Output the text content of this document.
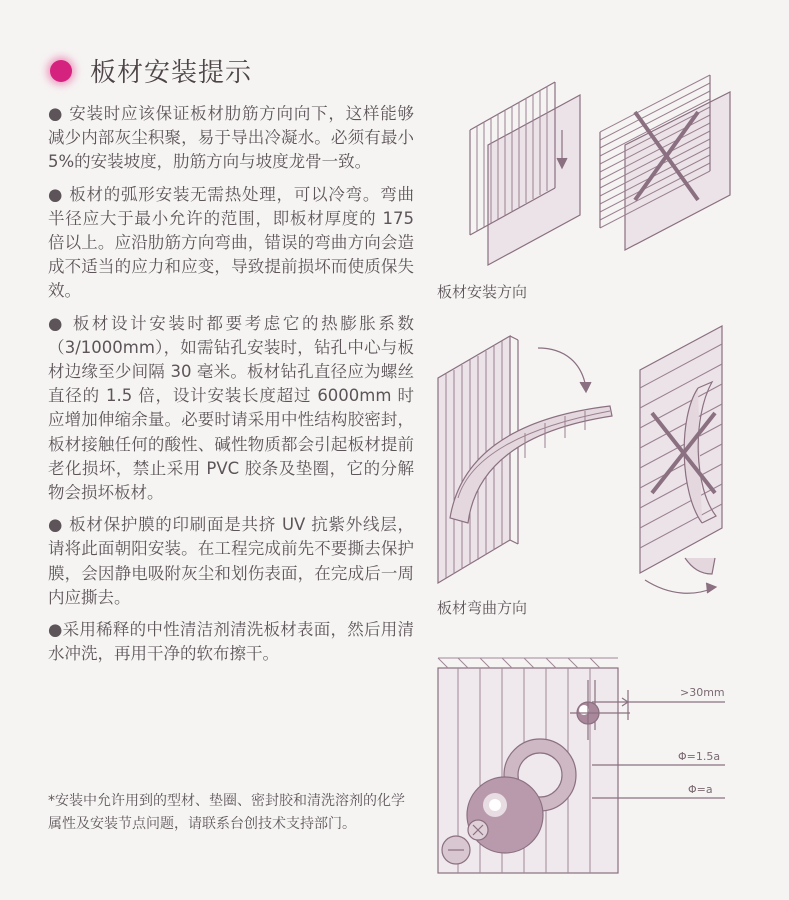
板材安装提示

● 安装时应该保证板材肋筋方向向下，这样能够减少内部灰尘积聚，易于导出冷凝水。必须有最小 5%的安装坡度，肋筋方向与坡度龙骨一致。

● 板材的弧形安装无需热处理，可以冷弯。弯曲半径应大于最小允许的范围，即板材厚度的 175 倍以上。应沿肋筋方向弯曲，错误的弯曲方向会造成不适当的应力和应变，导致提前损坏而使质保失效。

● 板材设计安装时都要考虑它的热膨胀系数（3/1000mm），如需钻孔安装时，钻孔中心与板材边缘至少间隔 30 毫米。板材钻孔直径应为螺丝直径的 1.5 倍，设计安装长度超过 6000mm 时应增加伸缩余量。必要时请采用中性结构胶密封，板材接触任何的酸性、碱性物质都会引起板材提前老化损坏，禁止采用 PVC 胶条及垫圈，它的分解物会损坏板材。

● 板材保护膜的印刷面是共挤 UV 抗紫外线层，请将此面朝阳安装。在工程完成前先不要撕去保护膜，会因静电吸附灰尘和划伤表面，在完成后一周内应撕去。

●采用稀释的中性清洁剂清洗板材表面，然后用清水冲洗，再用干净的软布擦干。

*安装中允许用到的型材、垫圈、密封胶和清洗溶剂的化学属性及安装节点问题，请联系台创技术支持部门。
板材安装方向
板材弯曲方向
>30mm
Φ=1.5a
Φ=a
